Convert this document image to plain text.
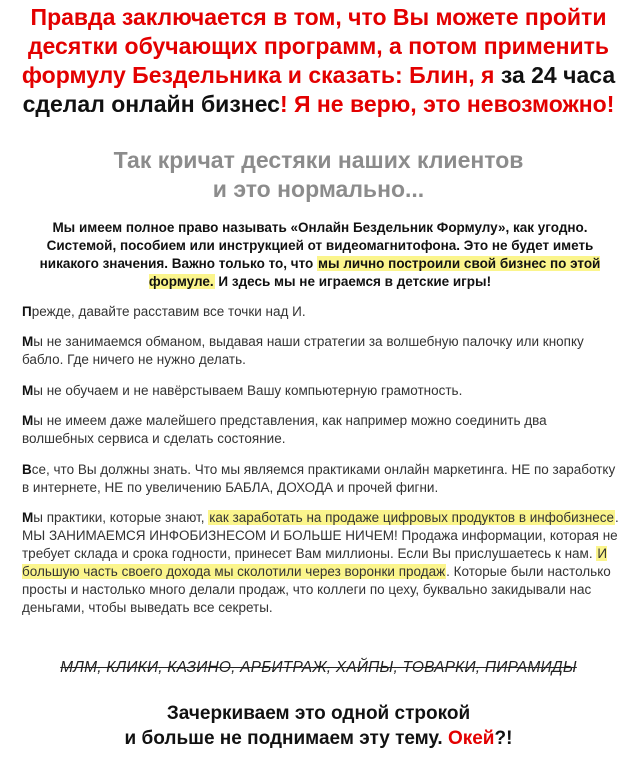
Правда заключается в том, что Вы можете пройти десятки обучающих программ, а потом применить формулу Бездельника и сказать: Блин, я за 24 часа сделал онлайн бизнес! Я не верю, это невозможно!
Так кричат дестяки наших клиентов
и это нормально...
Мы имеем полное право называть «Онлайн Бездельник Формулу», как угодно. Системой, пособием или инструкцией от видеомагнитофона. Это не будет иметь никакого значения. Важно только то, что мы лично построили свой бизнес по этой формуле. И здесь мы не играемся в детские игры!
Прежде, давайте расставим все точки над И.
Мы не занимаемся обманом, выдавая наши стратегии за волшебную палочку или кнопку бабло. Где ничего не нужно делать.
Мы не обучаем и не навёрстываем Вашу компьютерную грамотность.
Мы не имеем даже малейшего представления, как например можно соединить два волшебных сервиса и сделать состояние.
Все, что Вы должны знать. Что мы являемся практиками онлайн маркетинга. НЕ по заработку в интернете, НЕ по увеличению БАБЛА, ДОХОДА и прочей фигни.
Мы практики, которые знают, как заработать на продаже цифровых продуктов в инфобизнесе. МЫ ЗАНИМАЕМСЯ ИНФОБИЗНЕСОМ И БОЛЬШЕ НИЧЕМ! Продажа информации, которая не требует склада и срока годности, принесет Вам миллионы. Если Вы прислушаетесь к нам. И большую часть своего дохода мы сколотили через воронки продаж. Которые были настолько просты и настолько много делали продаж, что коллеги по цеху, буквально закидывали нас деньгами, чтобы выведать все секреты.
МЛМ, КЛИКИ, КАЗИНО, АРБИТРАЖ, ХАЙПЫ, ТОВАРКИ, ПИРАМИДЫ
Зачеркиваем это одной строкой
и больше не поднимаем эту тему. Окей?!
